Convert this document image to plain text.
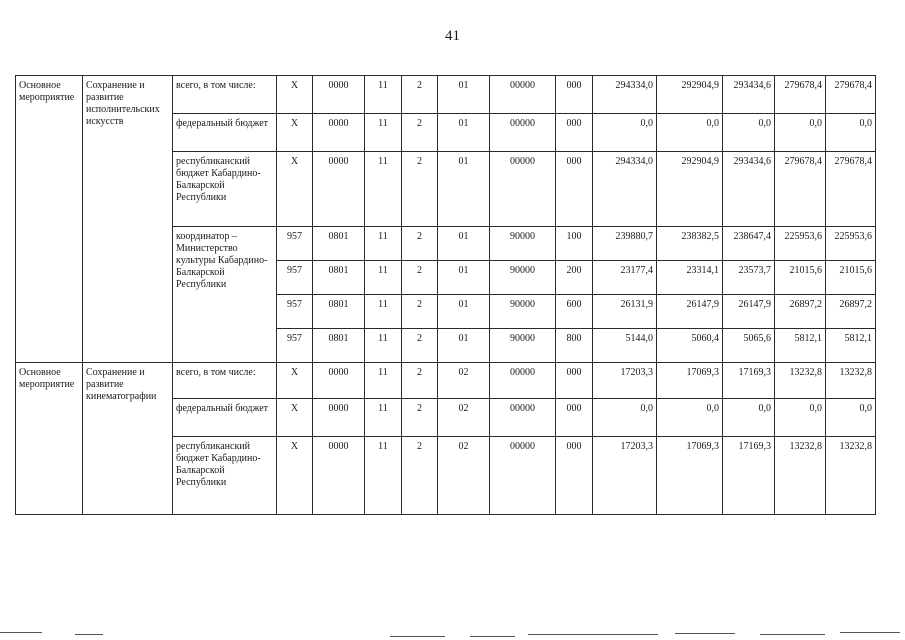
41
Основное мероприятие	Сохранение и развитие исполнительских искусств	всего, в том числе:	X	0000	11	2	01	00000	000	294334,0	292904,9	293434,6	279678,4	279678,4
		федеральный бюджет	X	0000	11	2	01	00000	000	0,0	0,0	0,0	0,0	0,0
		республиканский бюджет Кабардино-Балкарской Республики	X	0000	11	2	01	00000	000	294334,0	292904,9	293434,6	279678,4	279678,4
		координатор – Министерство культуры Кабардино-Балкарской Республики	957	0801	11	2	01	90000	100	239880,7	238382,5	238647,4	225953,6	225953,6
			957	0801	11	2	01	90000	200	23177,4	23314,1	23573,7	21015,6	21015,6
			957	0801	11	2	01	90000	600	26131,9	26147,9	26147,9	26897,2	26897,2
			957	0801	11	2	01	90000	800	5144,0	5060,4	5065,6	5812,1	5812,1
Основное мероприятие	Сохранение и развитие кинематографии	всего, в том числе:	X	0000	11	2	02	00000	000	17203,3	17069,3	17169,3	13232,8	13232,8
		федеральный бюджет	X	0000	11	2	02	00000	000	0,0	0,0	0,0	0,0	0,0
		республиканский бюджет Кабардино-Балкарской Республики	X	0000	11	2	02	00000	000	17203,3	17069,3	17169,3	13232,8	13232,8
